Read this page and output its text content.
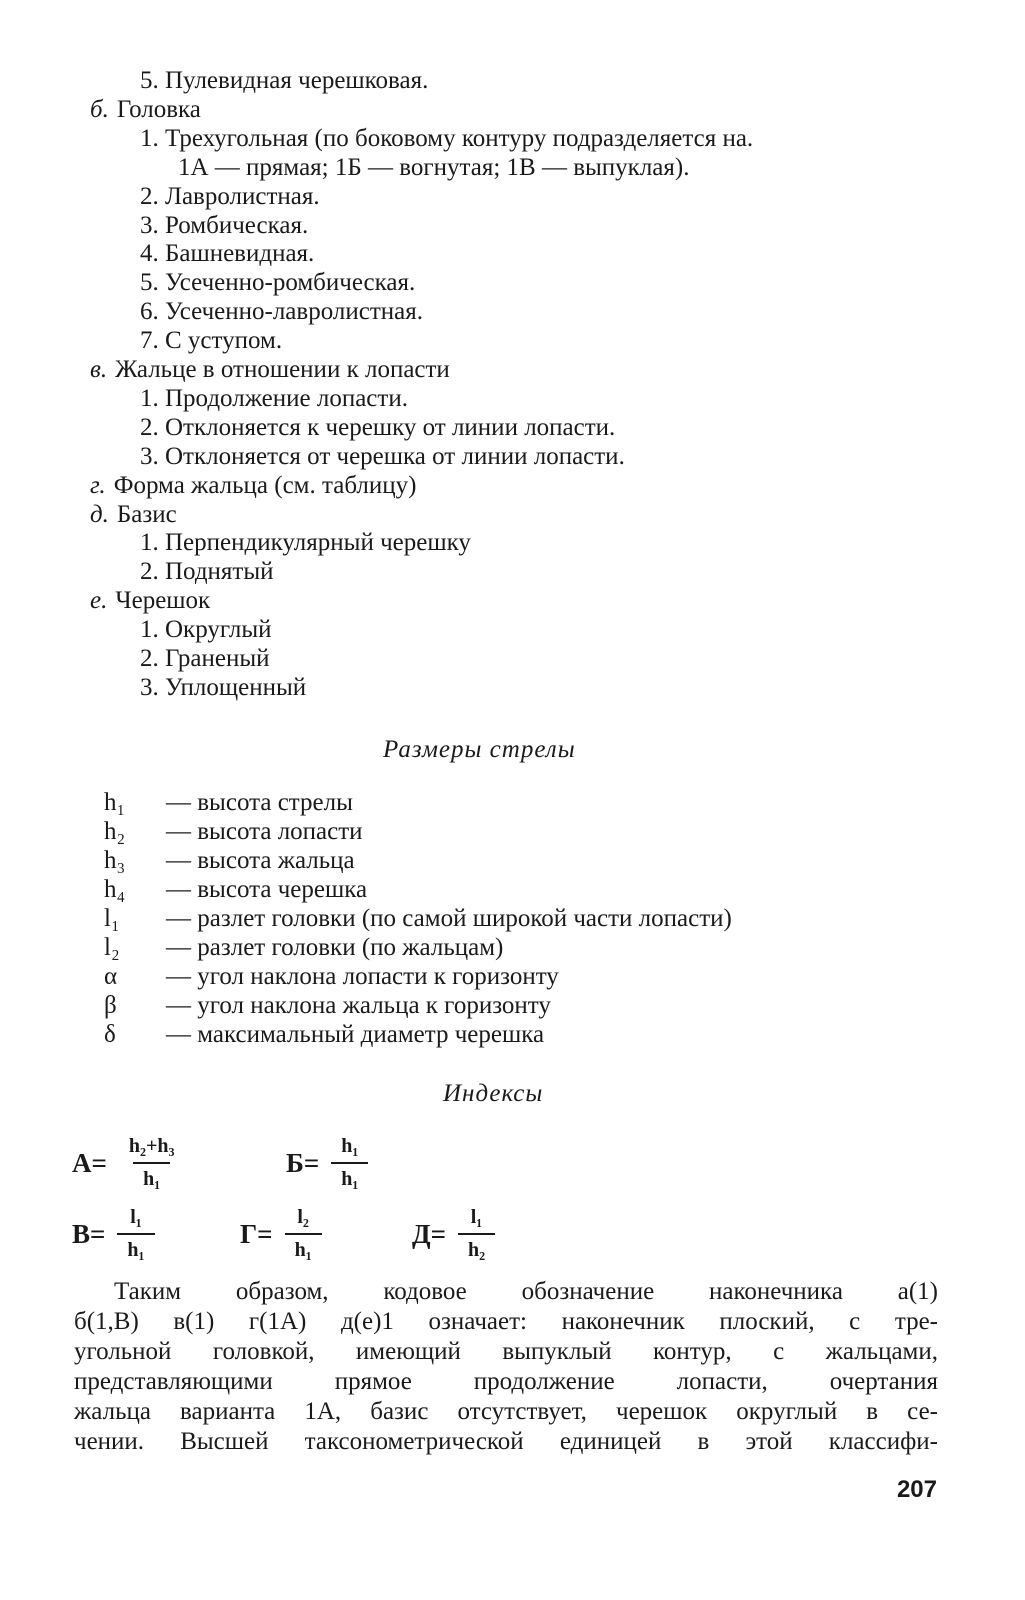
5. Пулевидная черешковая.
б. Головка
1. Трехугольная (по боковому контуру подразделяется на.
1А — прямая; 1Б — вогнутая; 1В — выпуклая).
2. Лавролистная.
3. Ромбическая.
4. Башневидная.
5. Усеченно-ромбическая.
6. Усеченно-лавролистная.
7. С уступом.
в. Жальце в отношении к лопасти
1. Продолжение лопасти.
2. Отклоняется к черешку от линии лопасти.
3. Отклоняется от черешка от линии лопасти.
г. Форма жальца (см. таблицу)
д. Базис
1. Перпендикулярный черешку
2. Поднятый
е. Черешок
1. Округлый
2. Граненый
3. Уплощенный
Размеры стрелы
h₁ — высота стрелы
h₂ — высота лопасти
h₃ — высота жальца
h₄ — высота черешка
l₁ — разлет головки (по самой широкой части лопасти)
l₂ — разлет головки (по жальцам)
α — угол наклона лопасти к горизонту
β — угол наклона жальца к горизонту
δ — максимальный диаметр черешка
Индексы
$А= \frac{\text{h₂+h₃}}{\text{h₁}}$	$Б= \frac{\text{h₁}}{\text{h₁}}$
$В= \frac{\text{l₁}}{\text{h₁}}$	$Г= \frac{\text{l₂}}{\text{h₁}}$	$Д= \frac{\text{l₁}}{\text{h₂}}$
Таким образом, кодовое обозначение наконечника а(1)
б(1,В) в(1) г(1А) д(е)1 означает: наконечник плоский, с тре-
угольной головкой, имеющий выпуклый контур, с жальцами,
представляющими прямое продолжение лопасти, очертания
жальца варианта 1А, базис отсутствует, черешок округлый в се-
чении. Высшей таксонометрической единицей в этой классифи-
207
